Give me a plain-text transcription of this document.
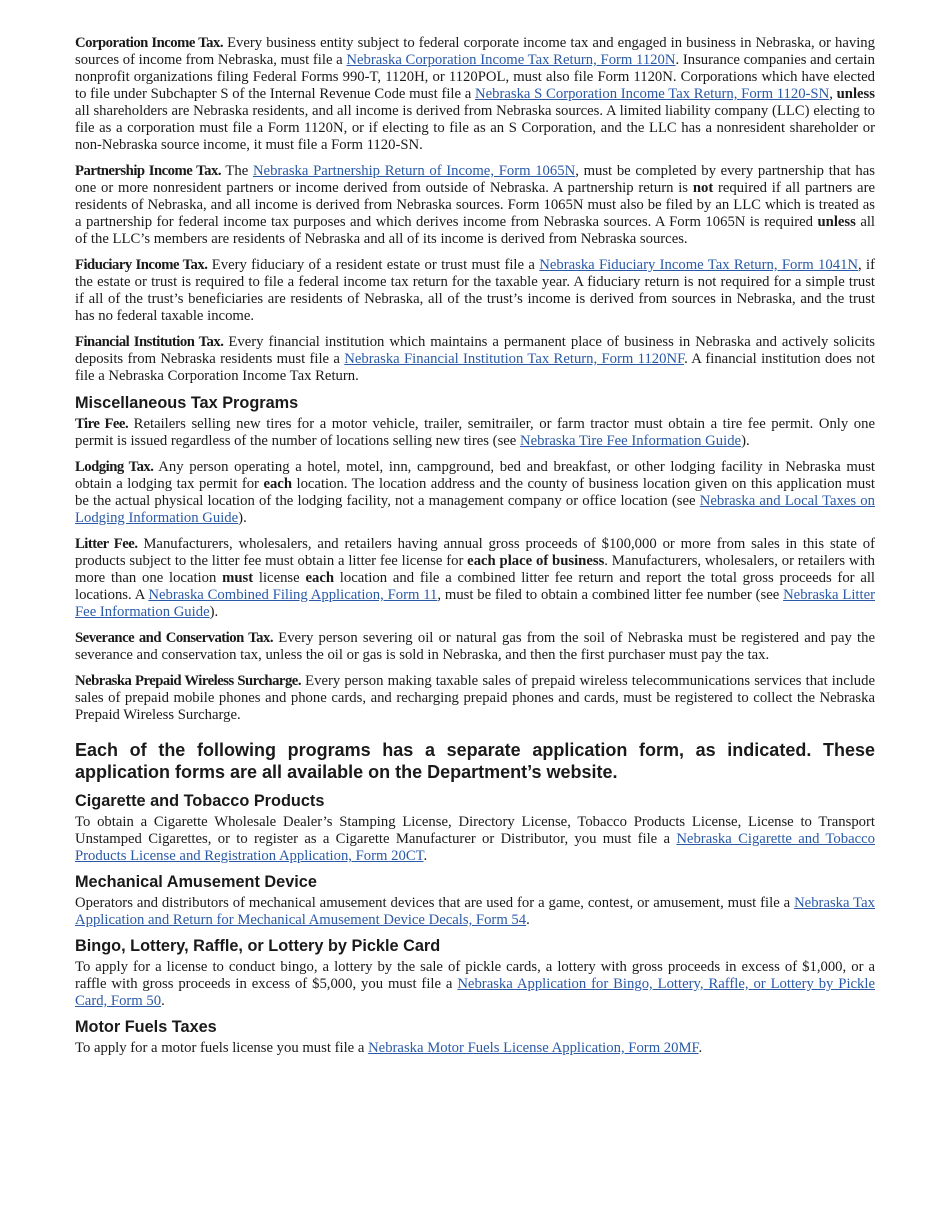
Corporation Income Tax. Every business entity subject to federal corporate income tax and engaged in business in Nebraska, or having sources of income from Nebraska, must file a Nebraska Corporation Income Tax Return, Form 1120N. Insurance companies and certain nonprofit organizations filing Federal Forms 990-T, 1120H, or 1120POL, must also file Form 1120N. Corporations which have elected to file under Subchapter S of the Internal Revenue Code must file a Nebraska S Corporation Income Tax Return, Form 1120-SN, unless all shareholders are Nebraska residents, and all income is derived from Nebraska sources. A limited liability company (LLC) electing to file as a corporation must file a Form 1120N, or if electing to file as an S Corporation, and the LLC has a nonresident shareholder or non-Nebraska source income, it must file a Form 1120-SN.

Partnership Income Tax. The Nebraska Partnership Return of Income, Form 1065N, must be completed by every partnership that has one or more nonresident partners or income derived from outside of Nebraska. A partnership return is not required if all partners are residents of Nebraska, and all income is derived from Nebraska sources. Form 1065N must also be filed by an LLC which is treated as a partnership for federal income tax purposes and which derives income from Nebraska sources. A Form 1065N is required unless all of the LLC’s members are residents of Nebraska and all of its income is derived from Nebraska sources.

Fiduciary Income Tax. Every fiduciary of a resident estate or trust must file a Nebraska Fiduciary Income Tax Return, Form 1041N, if the estate or trust is required to file a federal income tax return for the taxable year. A fiduciary return is not required for a simple trust if all of the trust’s beneficiaries are residents of Nebraska, all of the trust’s income is derived from sources in Nebraska, and the trust has no federal taxable income.

Financial Institution Tax. Every financial institution which maintains a permanent place of business in Nebraska and actively solicits deposits from Nebraska residents must file a Nebraska Financial Institution Tax Return, Form 1120NF. A financial institution does not file a Nebraska Corporation Income Tax Return.

Miscellaneous Tax Programs

Tire Fee. Retailers selling new tires for a motor vehicle, trailer, semitrailer, or farm tractor must obtain a tire fee permit. Only one permit is issued regardless of the number of locations selling new tires (see Nebraska Tire Fee Information Guide).

Lodging Tax. Any person operating a hotel, motel, inn, campground, bed and breakfast, or other lodging facility in Nebraska must obtain a lodging tax permit for each location. The location address and the county of business location given on this application must be the actual physical location of the lodging facility, not a management company or office location (see Nebraska and Local Taxes on Lodging Information Guide).

Litter Fee. Manufacturers, wholesalers, and retailers having annual gross proceeds of $100,000 or more from sales in this state of products subject to the litter fee must obtain a litter fee license for each place of business. Manufacturers, wholesalers, or retailers with more than one location must license each location and file a combined litter fee return and report the total gross proceeds for all locations. A Nebraska Combined Filing Application, Form 11, must be filed to obtain a combined litter fee number (see Nebraska Litter Fee Information Guide).

Severance and Conservation Tax. Every person severing oil or natural gas from the soil of Nebraska must be registered and pay the severance and conservation tax, unless the oil or gas is sold in Nebraska, and then the first purchaser must pay the tax.

Nebraska Prepaid Wireless Surcharge. Every person making taxable sales of prepaid wireless telecommunications services that include sales of prepaid mobile phones and phone cards, and recharging prepaid phones and cards, must be registered to collect the Nebraska Prepaid Wireless Surcharge.

Each of the following programs has a separate application form, as indicated. These application forms are all available on the Department’s website.
Cigarette and Tobacco Products

To obtain a Cigarette Wholesale Dealer’s Stamping License, Directory License, Tobacco Products License, License to Transport Unstamped Cigarettes, or to register as a Cigarette Manufacturer or Distributor, you must file a Nebraska Cigarette and Tobacco Products License and Registration Application, Form 20CT.

Mechanical Amusement Device

Operators and distributors of mechanical amusement devices that are used for a game, contest, or amusement, must file a Nebraska Tax Application and Return for Mechanical Amusement Device Decals, Form 54.

Bingo, Lottery, Raffle, or Lottery by Pickle Card

To apply for a license to conduct bingo, a lottery by the sale of pickle cards, a lottery with gross proceeds in excess of $1,000, or a raffle with gross proceeds in excess of $5,000, you must file a Nebraska Application for Bingo, Lottery, Raffle, or Lottery by Pickle Card, Form 50.

Motor Fuels Taxes

To apply for a motor fuels license you must file a Nebraska Motor Fuels License Application, Form 20MF.
